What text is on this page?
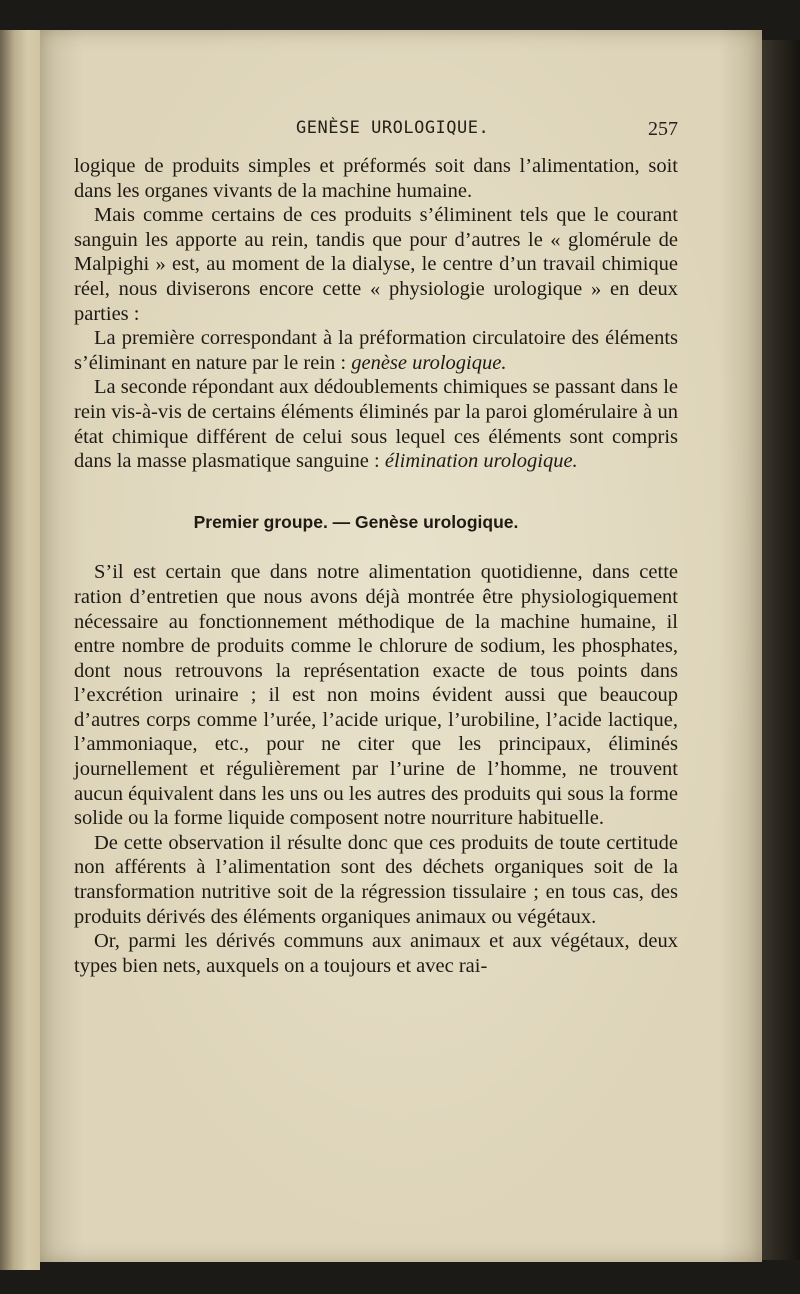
GENÈSE UROLOGIQUE.	257

logique de produits simples et préformés soit dans l’alimentation, soit dans les organes vivants de la machine humaine.

Mais comme certains de ces produits s’éliminent tels que le courant sanguin les apporte au rein, tandis que pour d’autres le « glomérule de Malpighi » est, au moment de la dialyse, le centre d’un travail chimique réel, nous diviserons encore cette « physiologie urologique » en deux parties :

La première correspondant à la préformation circulatoire des éléments s’éliminant en nature par le rein : genèse urologique.

La seconde répondant aux dédoublements chimiques se passant dans le rein vis-à-vis de certains éléments éliminés par la paroi glomérulaire à un état chimique différent de celui sous lequel ces éléments sont compris dans la masse plasmatique sanguine : élimination urologique.

Premier groupe. — Genèse urologique.

S’il est certain que dans notre alimentation quotidienne, dans cette ration d’entretien que nous avons déjà montrée être physiologiquement nécessaire au fonctionnement méthodique de la machine humaine, il entre nombre de produits comme le chlorure de sodium, les phosphates, dont nous retrouvons la représentation exacte de tous points dans l’excrétion urinaire ; il est non moins évident aussi que beaucoup d’autres corps comme l’urée, l’acide urique, l’urobiline, l’acide lactique, l’ammoniaque, etc., pour ne citer que les principaux, éliminés journellement et régulièrement par l’urine de l’homme, ne trouvent aucun équivalent dans les uns ou les autres des produits qui sous la forme solide ou la forme liquide composent notre nourriture habituelle.

De cette observation il résulte donc que ces produits de toute certitude non afférents à l’alimentation sont des déchets organiques soit de la transformation nutritive soit de la régression tissulaire ; en tous cas, des produits dérivés des éléments organiques animaux ou végétaux.

Or, parmi les dérivés communs aux animaux et aux végétaux, deux types bien nets, auxquels on a toujours et avec rai-
